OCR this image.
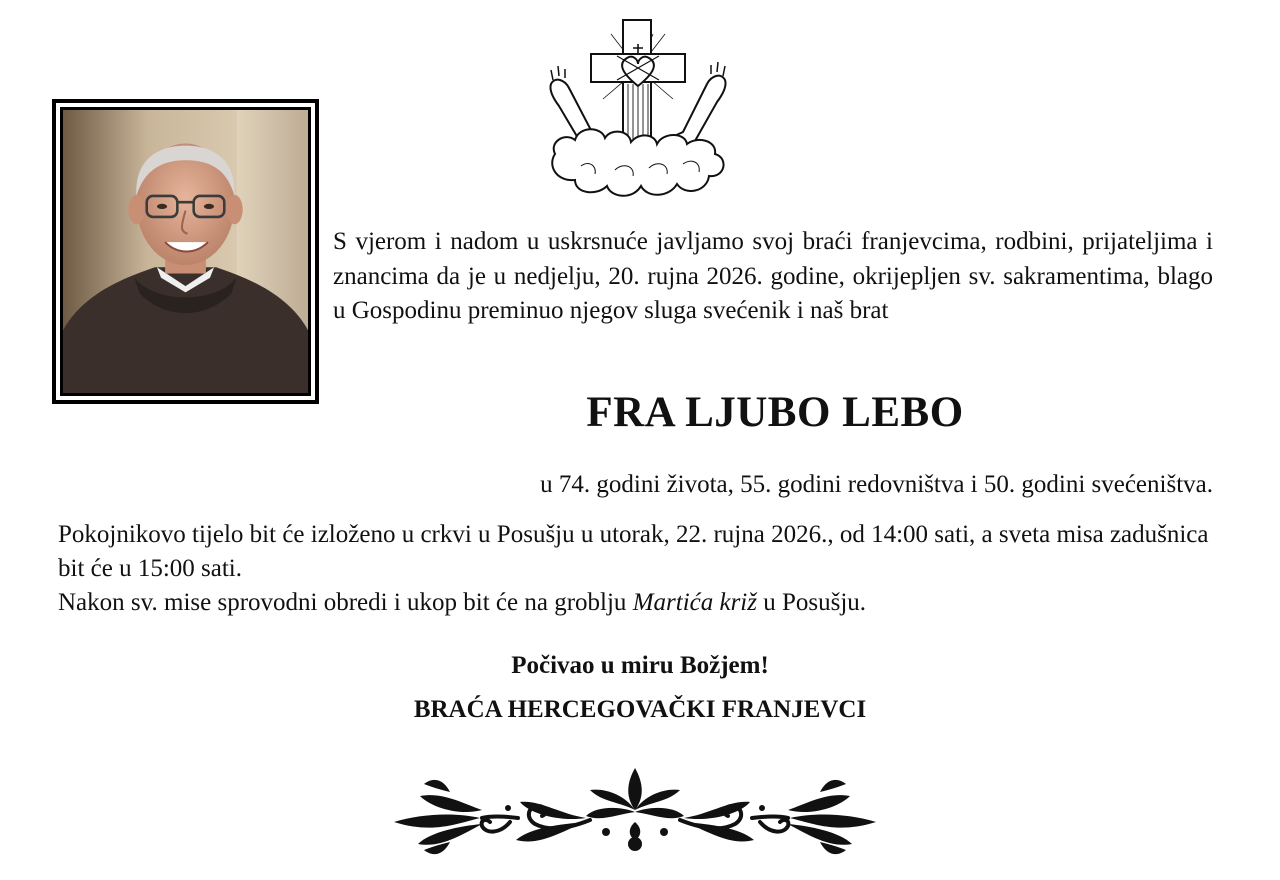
S vjerom i nadom u uskrsnuće javljamo svoj braći franjevcima, rodbini, prijateljima i znancima da je u nedjelju, 20. rujna 2026. godine, okrijepljen sv. sakramentima, blago u Gospodinu preminuo njegov sluga svećenik i naš brat

FRA LJUBO LEBO

u 74. godini života, 55. godini redovništva i 50. godini svećeništva.

Pokojnikovo tijelo bit će izloženo u crkvi u Posušju u utorak, 22. rujna 2026., od 14:00 sati, a sveta misa zadušnica bit će u 15:00 sati.

Nakon sv. mise sprovodni obredi i ukop bit će na groblju Martića križ u Posušju.

Počivao u miru Božjem!

BRAĆA HERCEGOVAČKI FRANJEVCI
